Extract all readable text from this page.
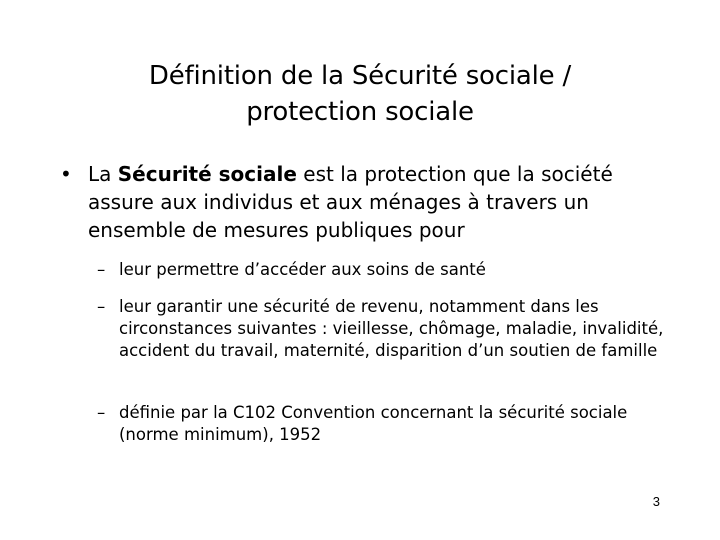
Définition de la Sécurité sociale /
protection sociale
• La Sécurité sociale est la protection que la société assure aux individus et aux ménages à travers un ensemble de mesures publiques pour
– leur permettre d’accéder aux soins de santé
– leur garantir une sécurité de revenu, notamment dans les circonstances suivantes : vieillesse, chômage, maladie, invalidité, accident du travail, maternité, disparition d’un soutien de famille
– définie par la C102 Convention concernant la sécurité sociale (norme minimum), 1952
3
